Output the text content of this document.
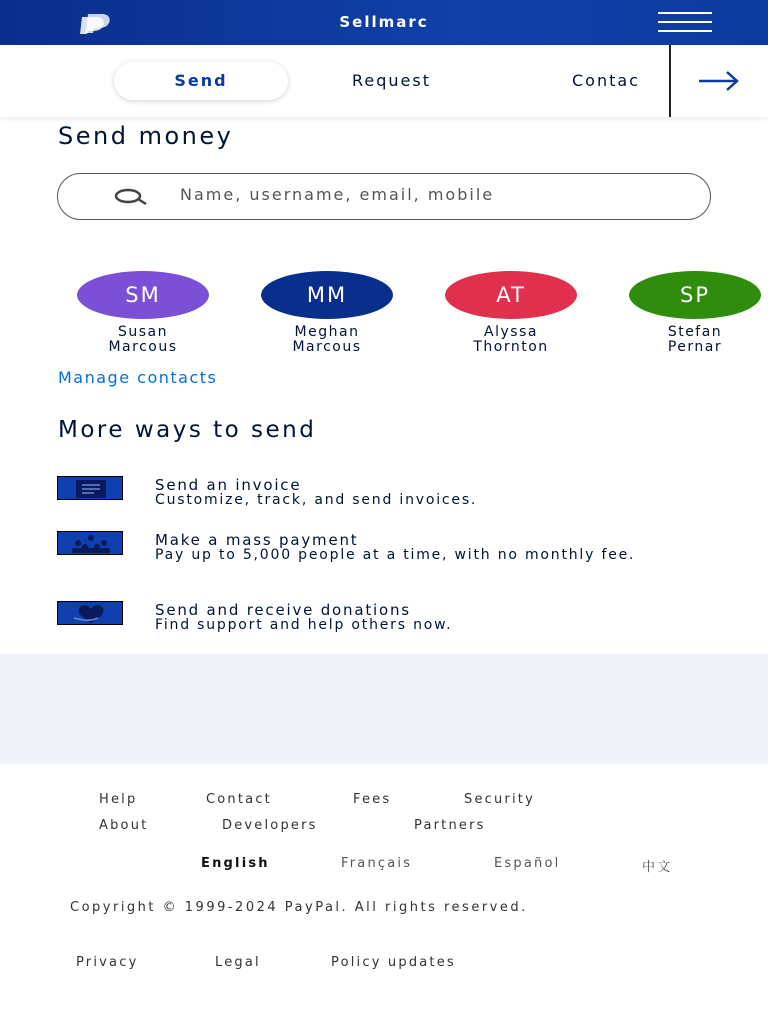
Sellmarc
Send	Request	Contac
Send money
Name, username, email, mobile
SM
Susan
Marcous
MM
Meghan
Marcous
AT
Alyssa
Thornton
SP
Stefan
Pernar
Manage contacts
More ways to send
Send an invoice
Customize, track, and send invoices.
Make a mass payment
Pay up to 5,000 people at a time, with no monthly fee.
Send and receive donations
Find support and help others now.
Help	Contact	Fees	Security
About	Developers	Partners
English	Français	Español	中文
Copyright © 1999-2024 PayPal. All rights reserved.
Privacy	Legal	Policy updates
